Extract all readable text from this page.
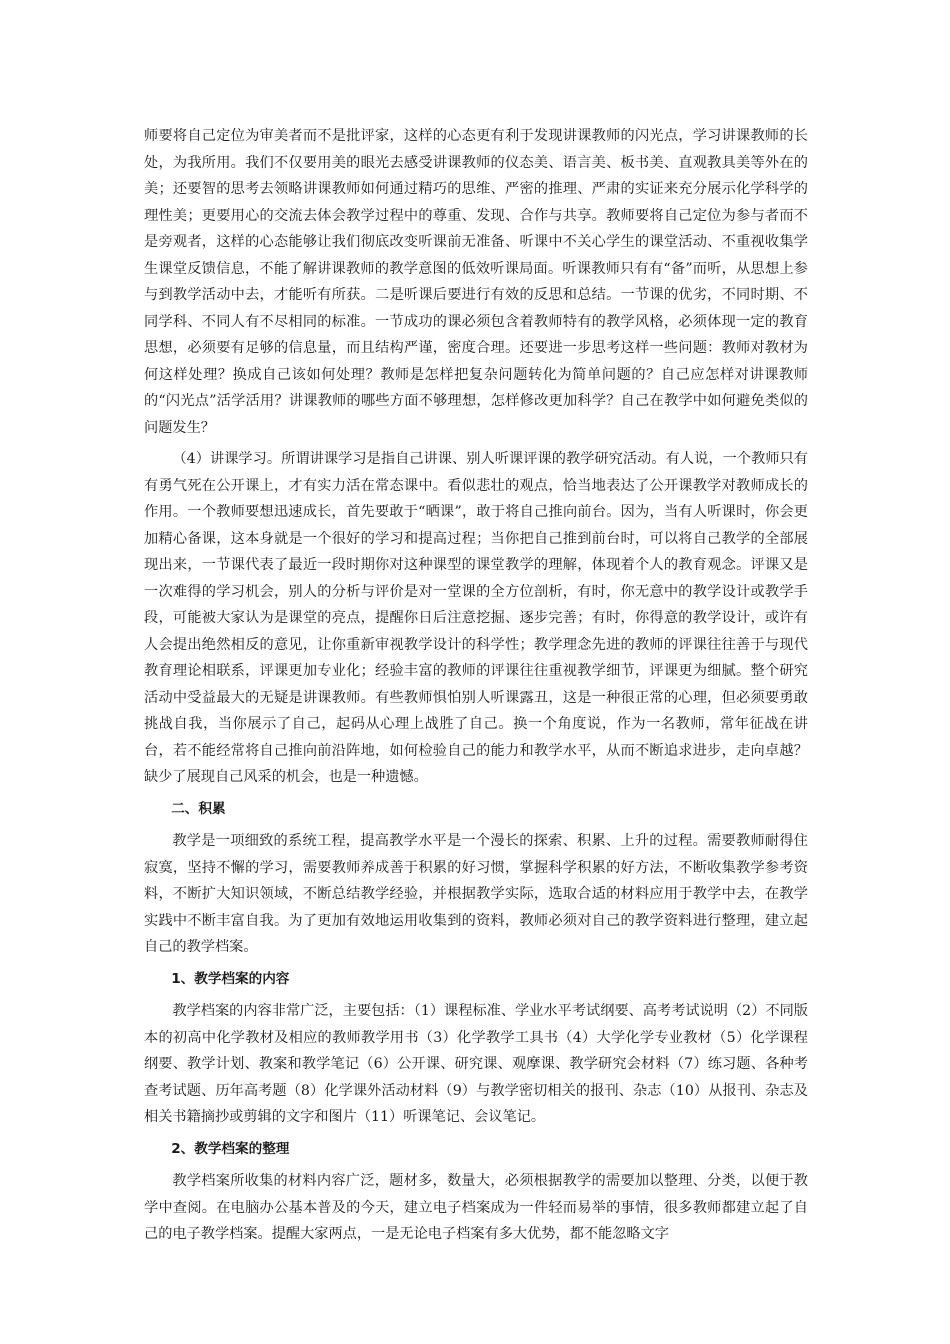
师要将自己定位为审美者而不是批评家，这样的心态更有利于发现讲课教师的闪光点，学习讲课教师的长处，为我所用。我们不仅要用美的眼光去感受讲课教师的仪态美、语言美、板书美、直观教具美等外在的美；还要智的思考去领略讲课教师如何通过精巧的思维、严密的推理、严肃的实证来充分展示化学科学的理性美；更要用心的交流去体会教学过程中的尊重、发现、合作与共享。教师要将自己定位为参与者而不是旁观者，这样的心态能够让我们彻底改变听课前无准备、听课中不关心学生的课堂活动、不重视收集学生课堂反馈信息，不能了解讲课教师的教学意图的低效听课局面。听课教师只有有“备”而听，从思想上参与到教学活动中去，才能听有所获。二是听课后要进行有效的反思和总结。一节课的优劣，不同时期、不同学科、不同人有不尽相同的标准。一节成功的课必须包含着教师特有的教学风格，必须体现一定的教育思想，必须要有足够的信息量，而且结构严谨，密度合理。还要进一步思考这样一些问题：教师对教材为何这样处理？换成自己该如何处理？教师是怎样把复杂问题转化为简单问题的？自己应怎样对讲课教师的“闪光点”活学活用？讲课教师的哪些方面不够理想，怎样修改更加科学？自己在教学中如何避免类似的问题发生？

（4）讲课学习。所谓讲课学习是指自己讲课、别人听课评课的教学研究活动。有人说，一个教师只有有勇气死在公开课上，才有实力活在常态课中。看似悲壮的观点，恰当地表达了公开课教学对教师成长的作用。一个教师要想迅速成长，首先要敢于“晒课”，敢于将自己推向前台。因为，当有人听课时，你会更加精心备课，这本身就是一个很好的学习和提高过程；当你把自己推到前台时，可以将自己教学的全部展现出来，一节课代表了最近一段时期你对这种课型的课堂教学的理解，体现着个人的教育观念。评课又是一次难得的学习机会，别人的分析与评价是对一堂课的全方位剖析，有时，你无意中的教学设计或教学手段，可能被大家认为是课堂的亮点，提醒你日后注意挖掘、逐步完善；有时，你得意的教学设计，或许有人会提出绝然相反的意见，让你重新审视教学设计的科学性；教学理念先进的教师的评课往往善于与现代教育理论相联系，评课更加专业化；经验丰富的教师的评课往往重视教学细节，评课更为细腻。整个研究活动中受益最大的无疑是讲课教师。有些教师惧怕别人听课露丑，这是一种很正常的心理，但必须要勇敢挑战自我，当你展示了自己，起码从心理上战胜了自己。换一个角度说，作为一名教师，常年征战在讲台，若不能经常将自己推向前沿阵地，如何检验自己的能力和教学水平，从而不断追求进步，走向卓越？缺少了展现自己风采的机会，也是一种遗憾。

二、积累

教学是一项细致的系统工程，提高教学水平是一个漫长的探索、积累、上升的过程。需要教师耐得住寂寞，坚持不懈的学习，需要教师养成善于积累的好习惯，掌握科学积累的好方法，不断收集教学参考资料，不断扩大知识领域，不断总结教学经验，并根据教学实际，选取合适的材料应用于教学中去，在教学实践中不断丰富自我。为了更加有效地运用收集到的资料，教师必须对自己的教学资料进行整理，建立起自己的教学档案。

1、教学档案的内容

教学档案的内容非常广泛，主要包括：（1）课程标准、学业水平考试纲要、高考考试说明（2）不同版本的初高中化学教材及相应的教师教学用书（3）化学教学工具书（4）大学化学专业教材（5）化学课程纲要、教学计划、教案和教学笔记（6）公开课、研究课、观摩课、教学研究会材料（7）练习题、各种考查考试题、历年高考题（8）化学课外活动材料（9）与教学密切相关的报刊、杂志（10）从报刊、杂志及相关书籍摘抄或剪辑的文字和图片（11）听课笔记、会议笔记。

2、教学档案的整理

教学档案所收集的材料内容广泛，题材多，数量大，必须根据教学的需要加以整理、分类，以便于教学中查阅。在电脑办公基本普及的今天，建立电子档案成为一件轻而易举的事情，很多教师都建立起了自己的电子教学档案。提醒大家两点，一是无论电子档案有多大优势，都不能忽略文字
